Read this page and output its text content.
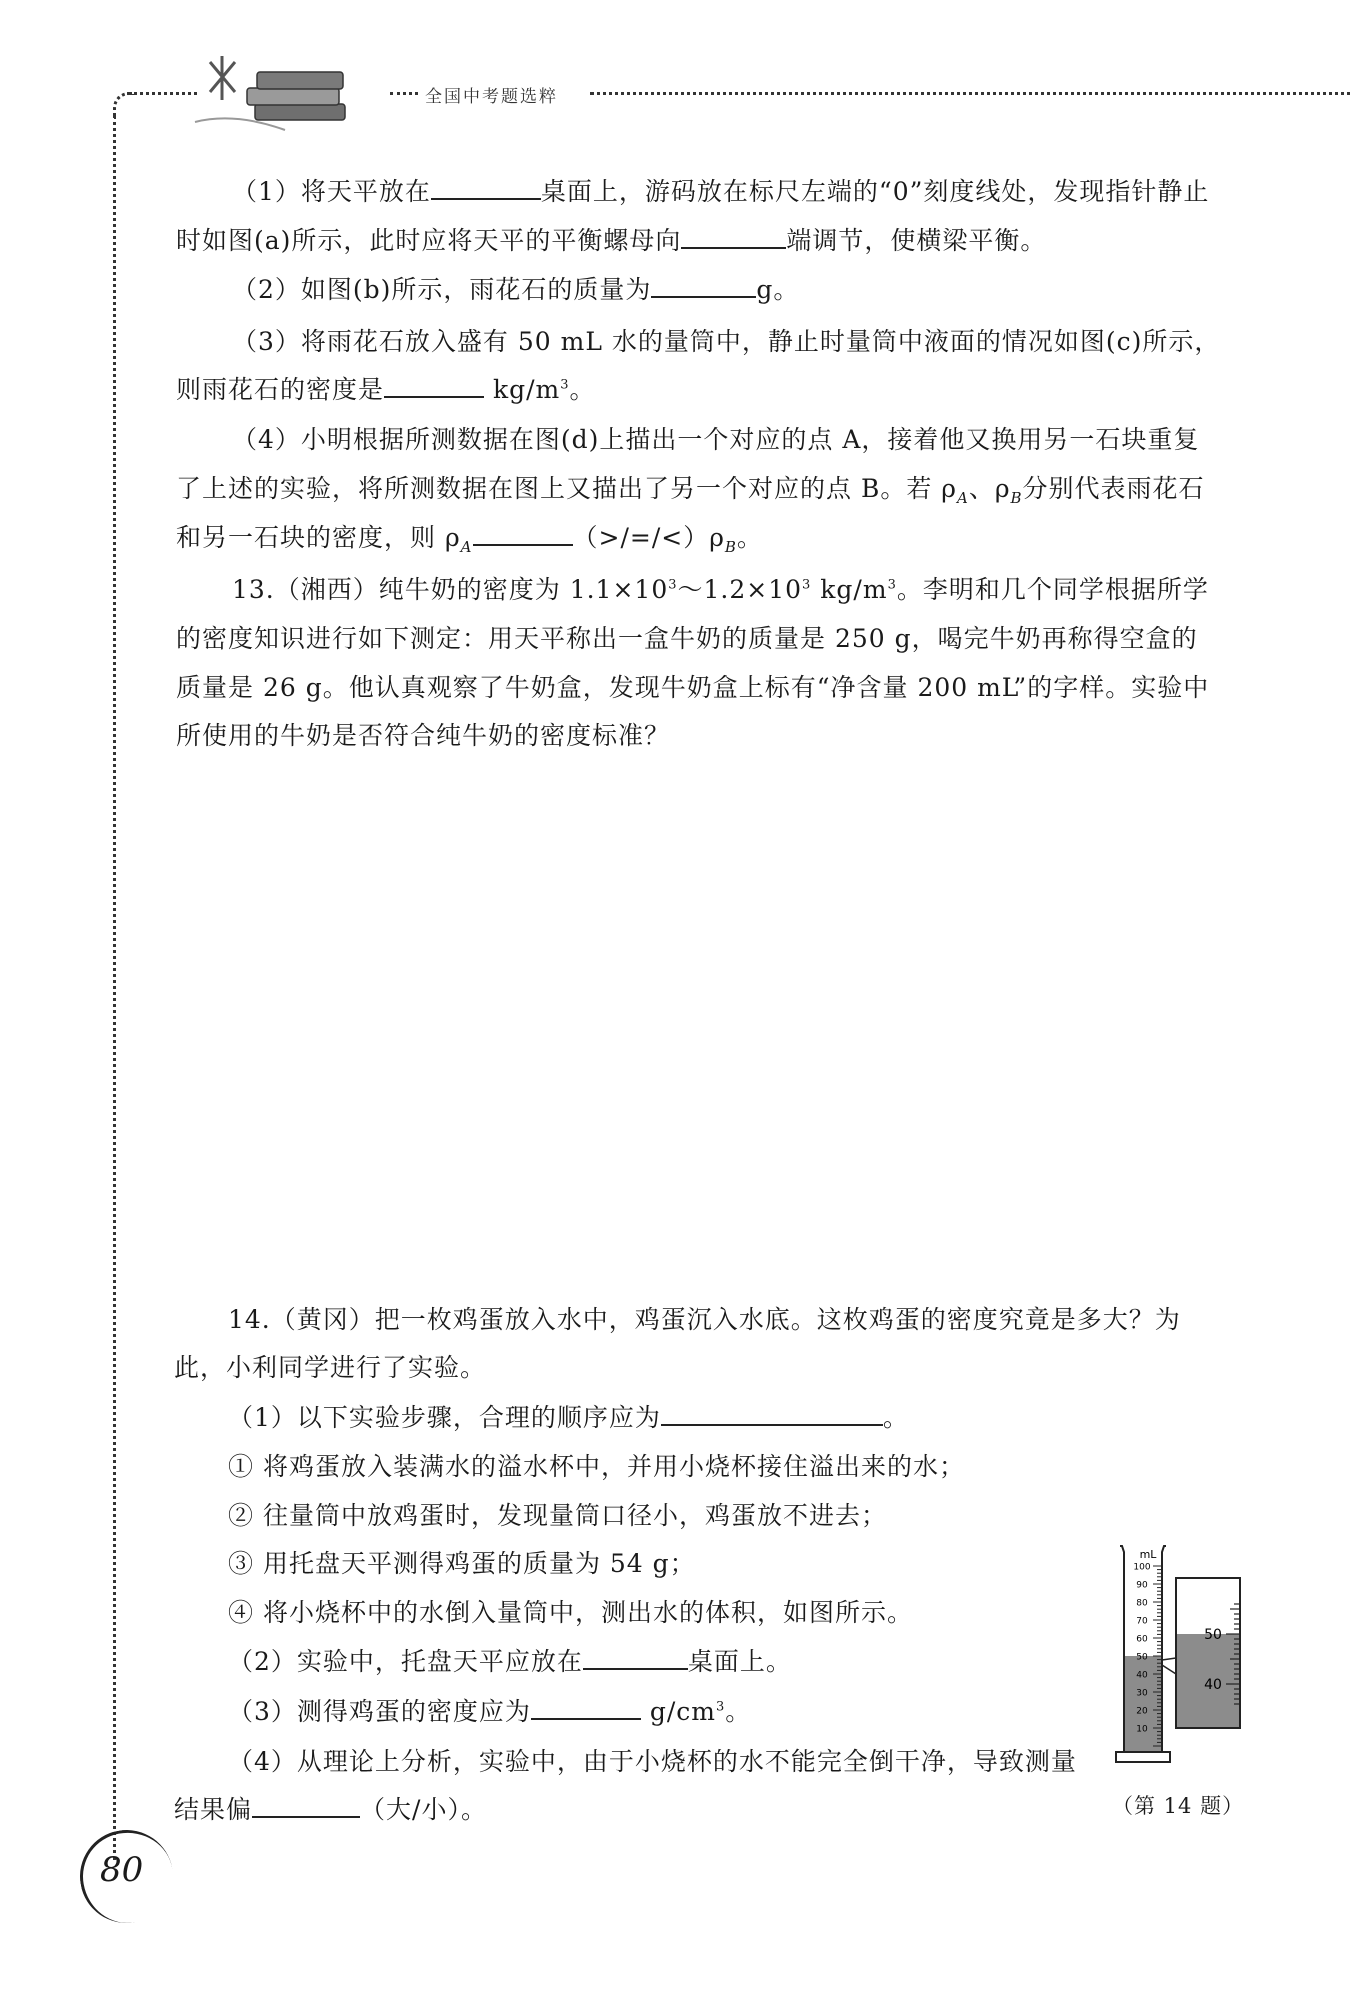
全国中考题选粹
（1）将天平放在	桌面上，游码放在标尺左端的“0”刻度线处，发现指针静止
时如图(a)所示，此时应将天平的平衡螺母向	端调节，使横梁平衡。
（2）如图(b)所示，雨花石的质量为	g。
（3）将雨花石放入盛有 50 mL 水的量筒中，静止时量筒中液面的情况如图(c)所示，
则雨花石的密度是	$kg/m^3$。
（4）小明根据所测数据在图(d)上描出一个对应的点 A，接着他又换用另一石块重复
了上述的实验，将所测数据在图上又描出了另一个对应的点 B。若 $\rho_A$、$\rho_B$分别代表雨花石
和另一石块的密度，则 $\rho_A$	$(>/=/<)\rho_B$。
13.（湘西）纯牛奶的密度为 $1.1\times 10^3\sim 1.2\times 10^3$ $kg/m^3$。李明和几个同学根据所学
的密度知识进行如下测定：用天平称出一盒牛奶的质量是 250 g，喝完牛奶再称得空盒的
质量是 26 g。他认真观察了牛奶盒，发现牛奶盒上标有“净含量 200 mL”的字样。实验中
所使用的牛奶是否符合纯牛奶的密度标准？
14.（黄冈）把一枚鸡蛋放入水中，鸡蛋沉入水底。这枚鸡蛋的密度究竟是多大？为
此，小利同学进行了实验。
（1）以下实验步骤，合理的顺序应为	。
① 将鸡蛋放入装满水的溢水杯中，并用小烧杯接住溢出来的水；
② 往量筒中放鸡蛋时，发现量筒口径小，鸡蛋放不进去；
③ 用托盘天平测得鸡蛋的质量为 54 g；
④ 将小烧杯中的水倒入量筒中，测出水的体积，如图所示。
（2）实验中，托盘天平应放在	桌面上。
（3）测得鸡蛋的密度应为	$g/cm^3$。
（4）从理论上分析，实验中，由于小烧杯的水不能完全倒干净，导致测量
结果偏	（大/小）。
mL
100
90
80
70
60
50
40
30
20
10
50
40
（第 14 题）
80
